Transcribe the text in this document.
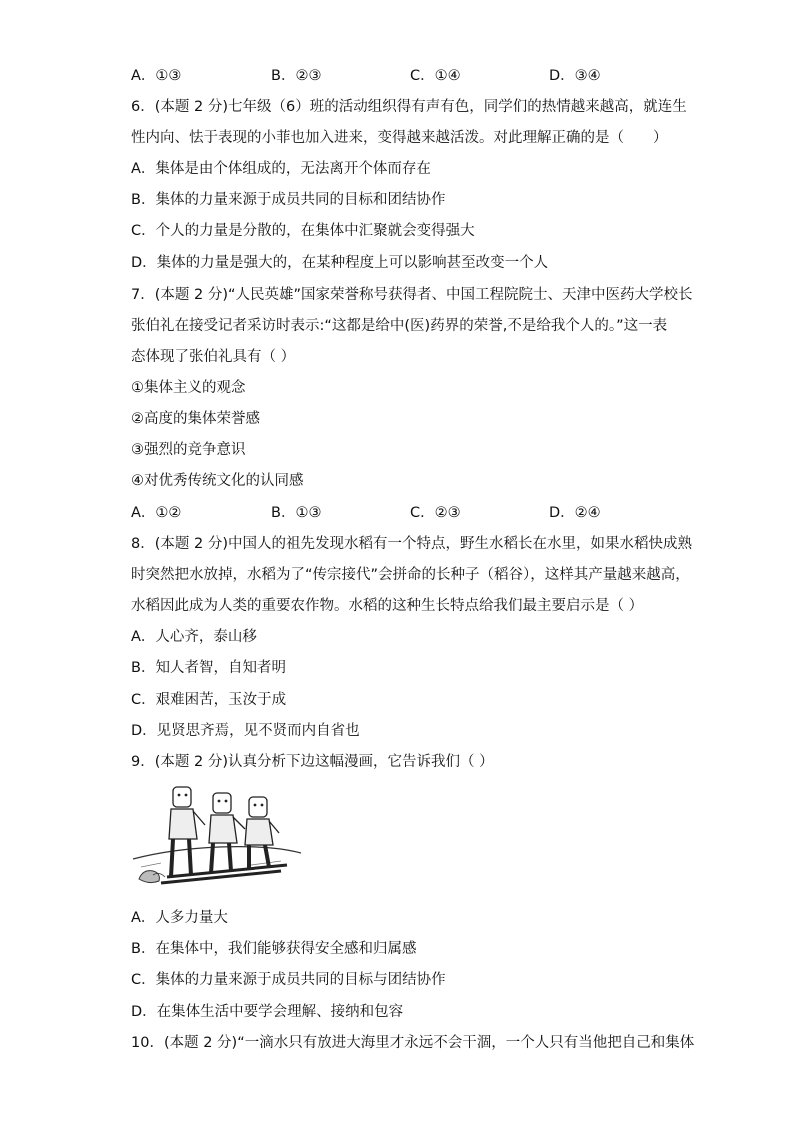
A．①③	B．②③	C．①④	D．③④
6．(本题 2 分)七年级（6）班的活动组织得有声有色，同学们的热情越来越高，就连生
性内向、怯于表现的小菲也加入进来，变得越来越活泼。对此理解正确的是（　　）
A．集体是由个体组成的，无法离开个体而存在
B．集体的力量来源于成员共同的目标和团结协作
C．个人的力量是分散的，在集体中汇聚就会变得强大
D．集体的力量是强大的，在某种程度上可以影响甚至改变一个人
7．(本题 2 分)“人民英雄”国家荣誉称号获得者、中国工程院院士、天津中医药大学校长
张伯礼在接受记者采访时表示:“这都是给中(医)药界的荣誉,不是给我个人的。”这一表
态体现了张伯礼具有（ ）
①集体主义的观念
②高度的集体荣誉感
③强烈的竞争意识
④对优秀传统文化的认同感
A．①②	B．①③	C．②③	D．②④
8．(本题 2 分)中国人的祖先发现水稻有一个特点，野生水稻长在水里，如果水稻快成熟
时突然把水放掉，水稻为了“传宗接代”会拼命的长种子（稻谷），这样其产量越来越高，
水稻因此成为人类的重要农作物。水稻的这种生长特点给我们最主要启示是（ ）
A．人心齐，泰山移
B．知人者智，自知者明
C．艰难困苦，玉汝于成
D．见贤思齐焉，见不贤而内自省也
9．(本题 2 分)认真分析下边这幅漫画，它告诉我们（ ）
A．人多力量大
B．在集体中，我们能够获得安全感和归属感
C．集体的力量来源于成员共同的目标与团结协作
D．在集体生活中要学会理解、接纳和包容
10．(本题 2 分)“一滴水只有放进大海里才永远不会干涸，一个人只有当他把自己和集体
